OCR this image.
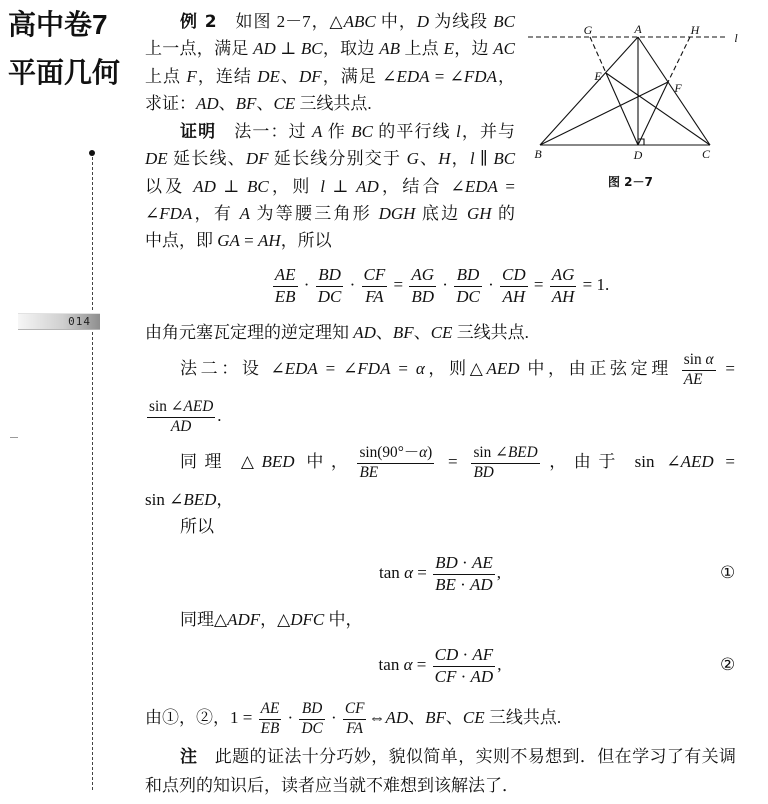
高中卷7
平面几何
014
G	A	H
l
E
F
B	D	C
图 2－7
例 2　如图 2－7，△ABC 中，D 为线段 BC
上一点，满足 AD ⊥ BC，取边 AB 上点 E，边 AC
上点 F，连结 DE、DF，满足 ∠EDA = ∠FDA，
求证：AD、BF、CE 三线共点.
证明　法一：过 A 作 BC 的平行线 l，并与
DE 延长线、DF 延长线分别交于 G、H，l ∥ BC
以及 AD ⊥ BC，则 l ⊥ AD，结合 ∠EDA =
∠FDA，有 A 为等腰三角形 DGH 底边 GH 的
中点，即 GA = AH，所以
$\frac{AE}{EB} \cdot \frac{BD}{DC} \cdot \frac{CF}{FA} = \frac{AG}{BD} \cdot \frac{BD}{DC} \cdot \frac{CD}{AH} = \frac{AG}{AH} = 1$.
由角元塞瓦定理的逆定理知 AD、BF、CE 三线共点.
法二：设 ∠EDA = ∠FDA = α，则△AED 中，由正弦定理 $\frac{\text{sin α}}{AE}$ =
$\frac{\text{sin ∠AED}}{AD}$ .
同理 △BED 中， $\frac{\sin(90^\circ-\alpha)}{BE} = \frac{\text{sin ∠BED}}{BD}$ ，由于 sin ∠AED =
sin ∠BED，
所以
$\tan \alpha = \frac{BD \cdot AE}{BE \cdot AD}$ ,	①
同理△ADF，△DFC 中，
$\tan \alpha = \frac{CD \cdot AF}{CF \cdot AD}$ ,	②
由①，②，$1 = \frac{AE}{EB} \cdot \frac{BD}{DC} \cdot \frac{CF}{FA}$ ⇔AD、BF、CE 三线共点.
注　此题的证法十分巧妙，貌似简单，实则不易想到．但在学习了有关调
和点列的知识后，读者应当就不难想到该解法了．
